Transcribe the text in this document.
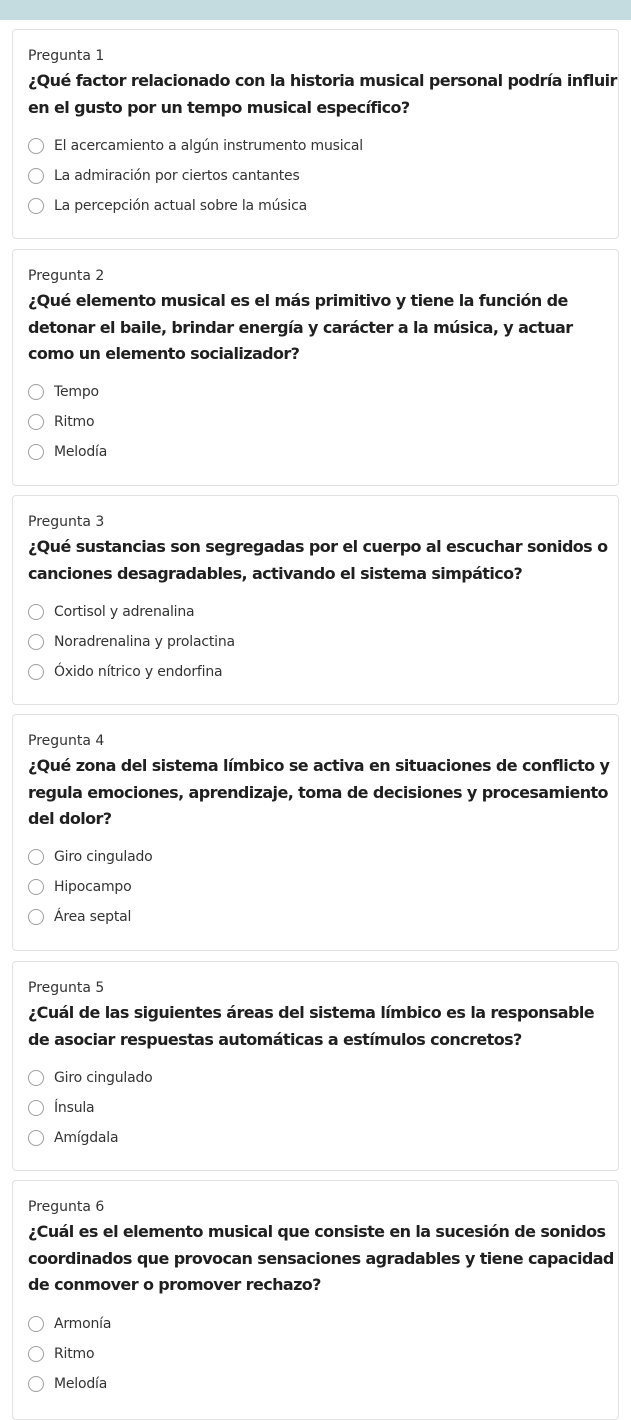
Pregunta 1

¿Qué factor relacionado con la historia musical personal podría influir en el gusto por un tempo musical específico?

El acercamiento a algún instrumento musical
La admiración por ciertos cantantes
La percepción actual sobre la música

Pregunta 2

¿Qué elemento musical es el más primitivo y tiene la función de detonar el baile, brindar energía y carácter a la música, y actuar como un elemento socializador?

Tempo
Ritmo
Melodía

Pregunta 3

¿Qué sustancias son segregadas por el cuerpo al escuchar sonidos o canciones desagradables, activando el sistema simpático?

Cortisol y adrenalina
Noradrenalina y prolactina
Óxido nítrico y endorfina

Pregunta 4

¿Qué zona del sistema límbico se activa en situaciones de conflicto y regula emociones, aprendizaje, toma de decisiones y procesamiento del dolor?

Giro cingulado
Hipocampo
Área septal

Pregunta 5

¿Cuál de las siguientes áreas del sistema límbico es la responsable de asociar respuestas automáticas a estímulos concretos?

Giro cingulado
Ínsula
Amígdala

Pregunta 6

¿Cuál es el elemento musical que consiste en la sucesión de sonidos coordinados que provocan sensaciones agradables y tiene capacidad de conmover o promover rechazo?

Armonía
Ritmo
Melodía
